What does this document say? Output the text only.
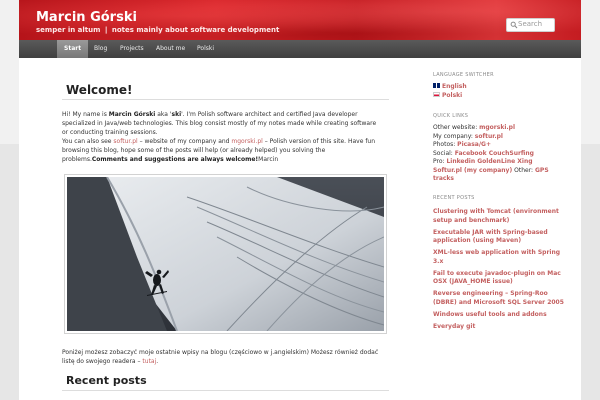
Marcin Górski
semper in altum | notes mainly about software development
Search
Start	Blog	Projects	About me	Polski
Welcome!
Hi! My name is Marcin Górski aka 'ski'. I'm Polish software architect and certified Java developer specialized in Java/web technologies. This blog consist mostly of my notes made while creating software or conducting training sessions.
You can also see softur.pl – website of my company and mgorski.pl – Polish version of this site. Have fun browsing this blog, hope some of the posts will help (or already helped) you solving the problems.Comments and suggestions are always welcome!Marcin
Poniżej możesz zobaczyć moje ostatnie wpisy na blogu (częściowo w j.angielskim) Możesz również dodać listę do swojego readera – tutaj.
Recent posts
LANGUAGE SWITCHER
English
Polski
QUICK LINKS
Other website: mgorski.pl
My company: softur.pl
Photos: Picasa/G+
Social: Facebook CouchSurfing
Pro: Linkedin GoldenLine Xing
Softur.pl (my company) Other: GPS tracks
RECENT POSTS
Clustering with Tomcat (environment setup and benchmark)
Executable JAR with Spring-based application (using Maven)
XML-less web application with Spring 3.x
Fail to execute javadoc-plugin on Mac OSX (JAVA_HOME issue)
Reverse engineering – Spring-Roo (DBRE) and Microsoft SQL Server 2005
Windows useful tools and addons
Everyday git
